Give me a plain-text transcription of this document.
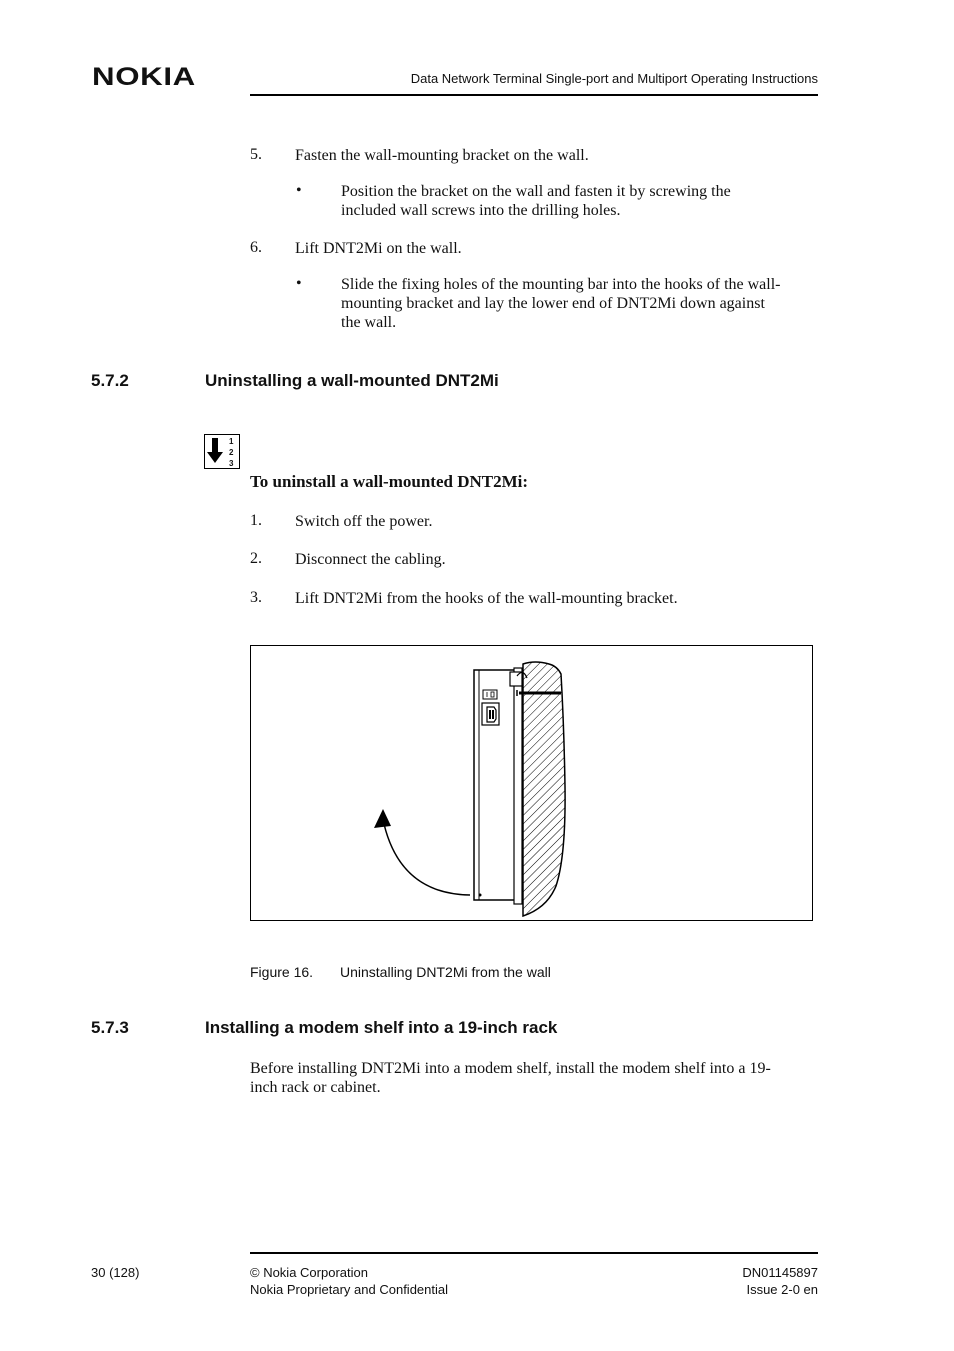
NOKIA	Data Network Terminal Single-port and Multiport Operating Instructions
5. Fasten the wall-mounting bracket on the wall.
• Position the bracket on the wall and fasten it by screwing the
included wall screws into the drilling holes.
6. Lift DNT2Mi on the wall.
• Slide the fixing holes of the mounting bar into the hooks of the wall-
mounting bracket and lay the lower end of DNT2Mi down against
the wall.
5.7.2	Uninstalling a wall-mounted DNT2Mi
1
2
3
To uninstall a wall-mounted DNT2Mi:
1. Switch off the power.
2. Disconnect the cabling.
3. Lift DNT2Mi from the hooks of the wall-mounting bracket.
Figure 16. Uninstalling DNT2Mi from the wall
5.7.3	Installing a modem shelf into a 19-inch rack
Before installing DNT2Mi into a modem shelf, install the modem shelf into a 19-
inch rack or cabinet.
30 (128)	© Nokia Corporation
Nokia Proprietary and Confidential
DN01145897
Issue 2-0 en
